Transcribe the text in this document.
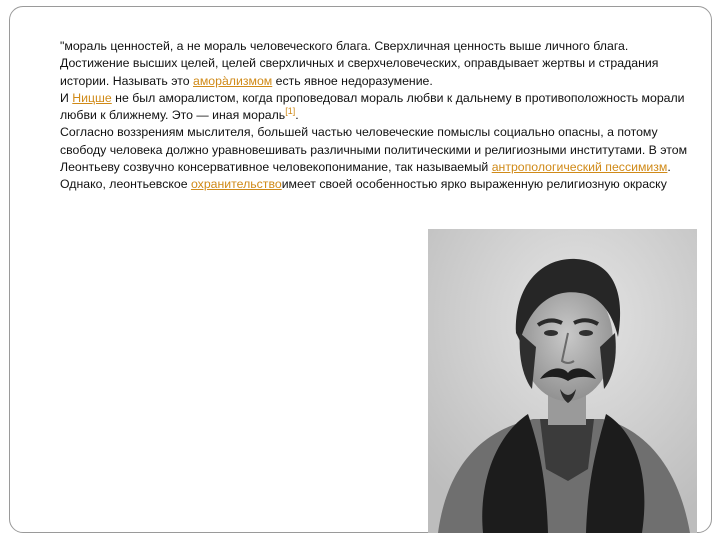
"мораль ценностей, а не мораль человеческого блага. Сверхличная ценность выше личного блага. Достижение высших целей, целей сверхличных и сверхчеловеческих, оправдывает жертвы и страдания истории. Называть это амора̀лизмом есть явное недоразумение.

И Ницше не был аморалистом, когда проповедовал мораль любви к дальнему в противоположность морали любви к ближнему. Это — иная мораль[1].

Согласно воззрениям мыслителя, большей частью человеческие помыслы социально опасны, а потому свободу человека должно уравновешивать различными политическими и религиозными институтами. В этом Леонтьеву созвучно консервативное человекопонимание, так называемый антропологический пессимизм. Однако, леонтьевское охранительствоимеет своей особенностью ярко выраженную религиозную окраску
